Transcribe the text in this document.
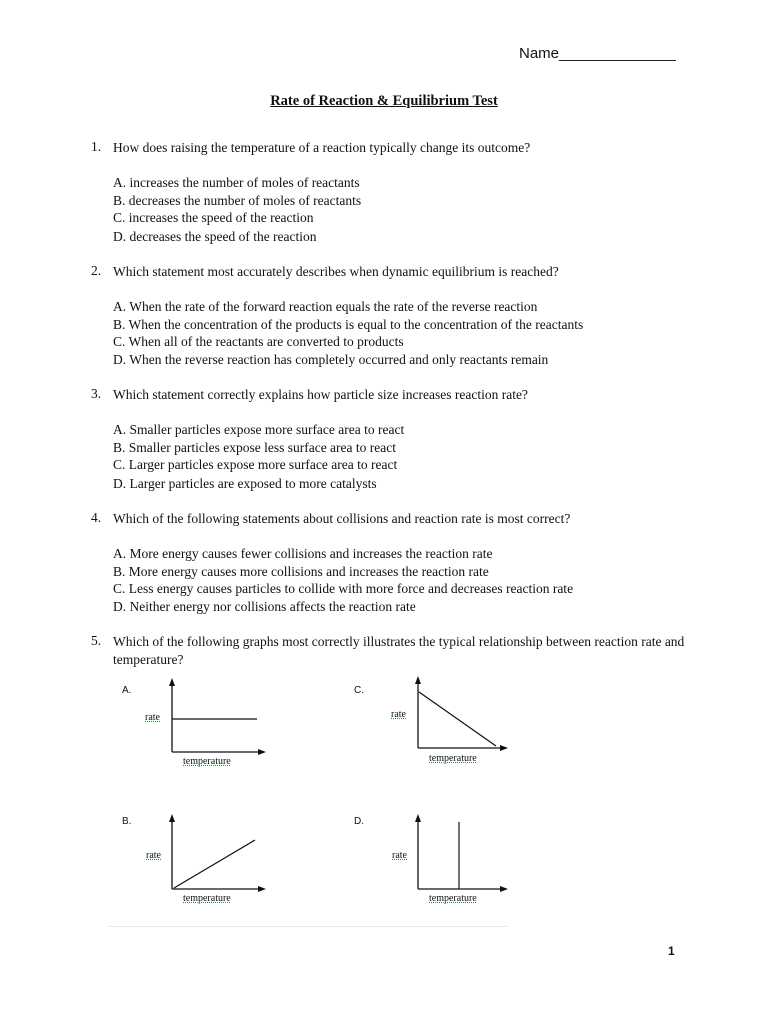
Name______________
Rate of Reaction & Equilibrium Test
1. How does raising the temperature of a reaction typically change its outcome?
A. increases the number of moles of reactants
B. decreases the number of moles of reactants
C. increases the speed of the reaction
D. decreases the speed of the reaction
2. Which statement most accurately describes when dynamic equilibrium is reached?
A. When the rate of the forward reaction equals the rate of the reverse reaction
B. When the concentration of the products is equal to the concentration of the reactants
C. When all of the reactants are converted to products
D. When the reverse reaction has completely occurred and only reactants remain
3. Which statement correctly explains how particle size increases reaction rate?
A. Smaller particles expose more surface area to react
B. Smaller particles expose less surface area to react
C. Larger particles expose more surface area to react
D. Larger particles are exposed to more catalysts
4. Which of the following statements about collisions and reaction rate is most correct?
A. More energy causes fewer collisions and increases the reaction rate
B. More energy causes more collisions and increases the reaction rate
C. Less energy causes particles to collide with more force and decreases reaction rate
D. Neither energy nor collisions affects the reaction rate
5. Which of the following graphs most correctly illustrates the typical relationship between reaction rate and temperature?
A.
rate
temperature
C.
rate
temperature
B.
rate
temperature
D.
rate
temperature
1
